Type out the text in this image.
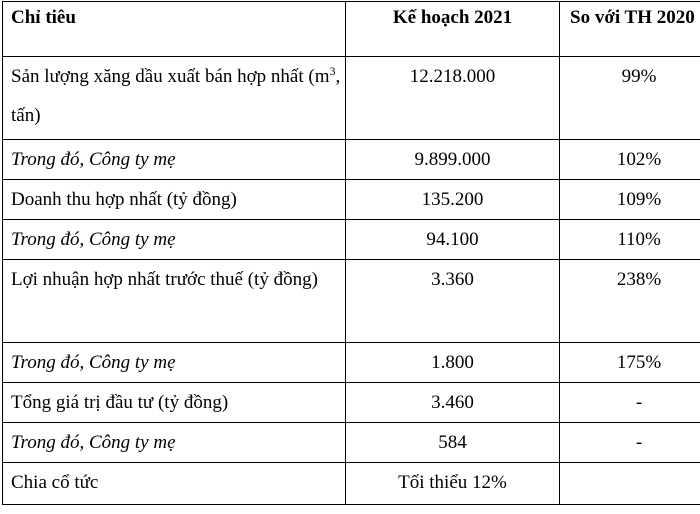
Chỉ tiêu	Kế hoạch 2021	So với TH 2020

Sản lượng xăng dầu xuất bán hợp nhất ($m^3$, tấn)	12.218.000	99%
Trong đó, Công ty mẹ	9.899.000	102%
Doanh thu hợp nhất (tỷ đồng)	135.200	109%
Trong đó, Công ty mẹ	94.100	110%
Lợi nhuận hợp nhất trước thuế (tỷ đồng)	3.360	238%
Trong đó, Công ty mẹ	1.800	175%
Tổng giá trị đầu tư (tỷ đồng)	3.460	-
Trong đó, Công ty mẹ	584	-
Chia cổ tức	Tối thiểu 12%	
